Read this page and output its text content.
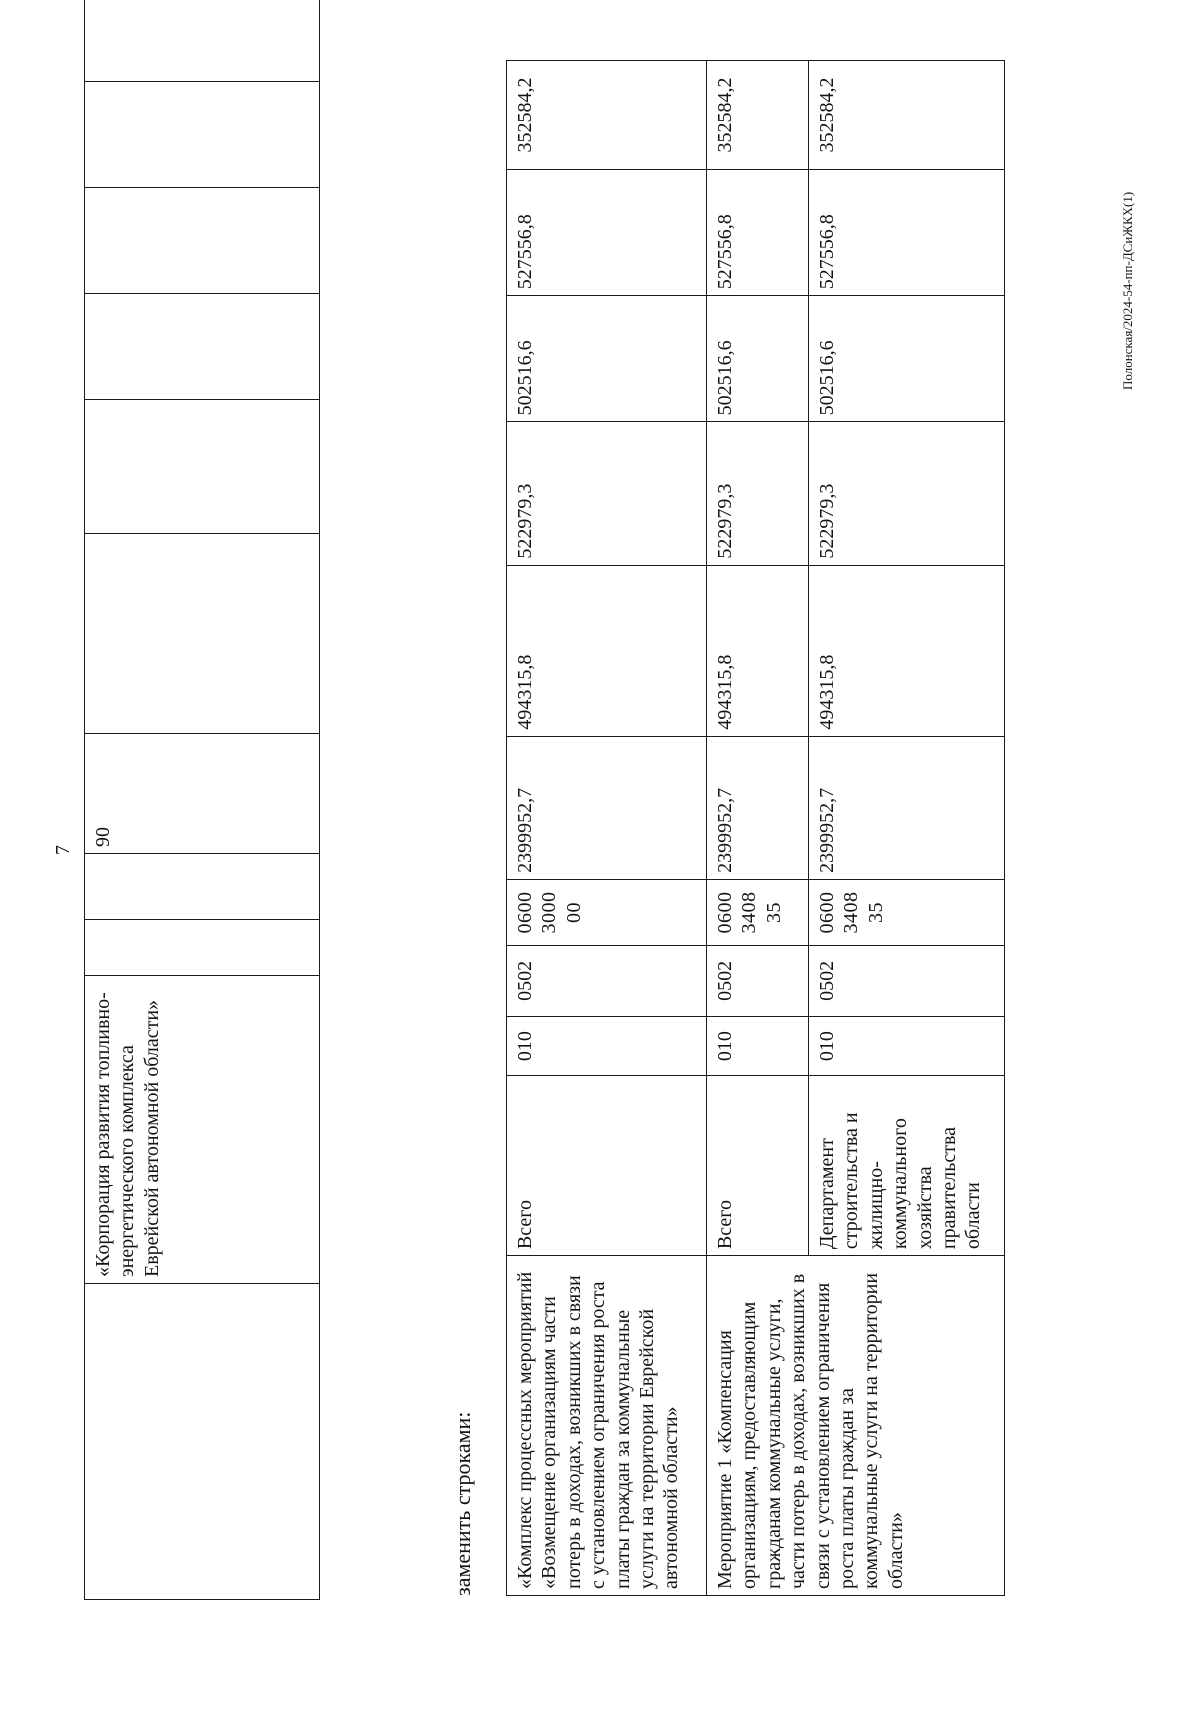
7
	«Корпорация развития топливно-энергетического комплекса Еврейской автономной области»			90						
заменить строками: «Комплекс процессных мероприятий «Возмещение организациям части потерь в доходах, возникших в связи с установлением ограничения роста платы граждан за коммунальные услуги на территории Еврейской автономной области»	Всего	010	0502	0600 3000 00	2399952,7	494315,8	522979,3	502516,6	527556,8	352584,2
Мероприятие 1 «Компенсация организациям, предоставляющим гражданам коммунальные услуги, части потерь в доходах, возникших в связи с установлением ограничения роста платы граждан за коммунальные услуги на территории области»	Всего	010	0502	0600 3408 35	2399952,7	494315,8	522979,3	502516,6	527556,8	352584,2
	Департамент строительства и жилищно-коммунального хозяйства правительства области	010	0502	0600 3408 35	2399952,7	494315,8	522979,3	502516,6	527556,8	352584,2
Полонская/2024-54-пп-ДСиЖКХ(1)
